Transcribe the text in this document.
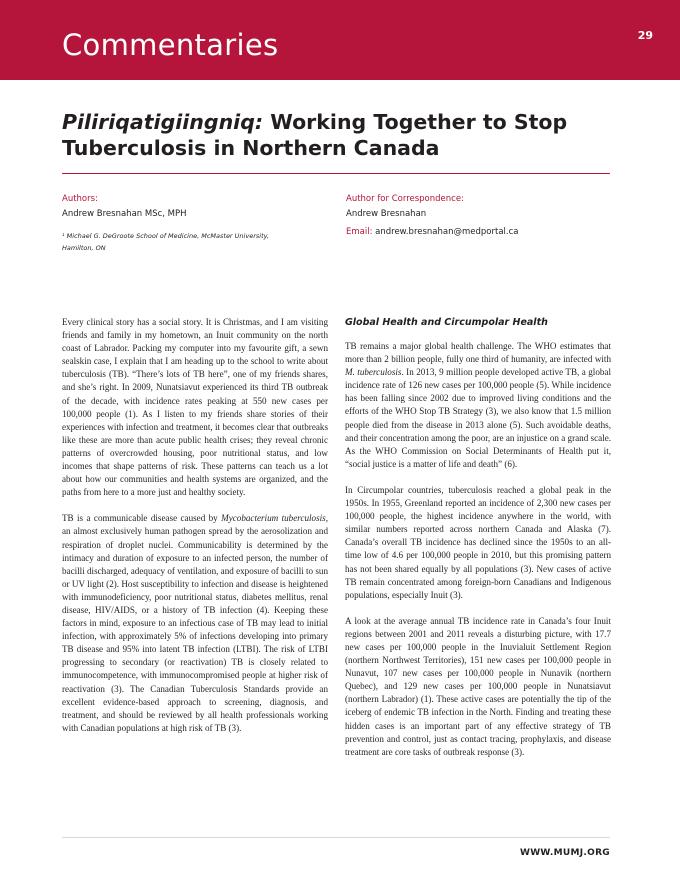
Commentaries	29
Piliriqatigiingniq: Working Together to Stop Tuberculosis in Northern Canada
Authors:
Andrew Bresnahan MSc, MPH
¹ Michael G. DeGroote School of Medicine, McMaster University,
Hamilton, ON
Author for Correspondence:
Andrew Bresnahan
Email: andrew.bresnahan@medportal.ca

Every clinical story has a social story. It is Christmas, and I am visiting friends and family in my hometown, an Inuit community on the north coast of Labrador. Packing my computer into my favourite gift, a sewn sealskin case, I explain that I am heading up to the school to write about tuberculosis (TB). “There’s lots of TB here”, one of my friends shares, and she’s right. In 2009, Nunatsiavut experienced its third TB outbreak of the decade, with incidence rates peaking at 550 new cases per 100,000 people (1). As I listen to my friends share stories of their experiences with infection and treatment, it becomes clear that outbreaks like these are more than acute public health crises; they reveal chronic patterns of overcrowded housing, poor nutritional status, and low incomes that shape patterns of risk. These patterns can teach us a lot about how our communities and health systems are organized, and the paths from here to a more just and healthy society.

TB is a communicable disease caused by Mycobacterium tuberculosis, an almost exclusively human pathogen spread by the aerosolization and respiration of droplet nuclei. Communicability is determined by the intimacy and duration of exposure to an infected person, the number of bacilli discharged, adequacy of ventilation, and exposure of bacilli to sun or UV light (2). Host susceptibility to infection and disease is heightened with immunodeficiency, poor nutritional status, diabetes mellitus, renal disease, HIV/AIDS, or a history of TB infection (4). Keeping these factors in mind, exposure to an infectious case of TB may lead to initial infection, with approximately 5% of infections developing into primary TB disease and 95% into latent TB infection (LTBI). The risk of LTBI progressing to secondary (or reactivation) TB is closely related to immunocompetence, with immunocompromised people at higher risk of reactivation (3). The Canadian Tuberculosis Standards provide an excellent evidence-based approach to screening, diagnosis, and treatment, and should be reviewed by all health professionals working with Canadian populations at high risk of TB (3).

Global Health and Circumpolar Health

TB remains a major global health challenge. The WHO estimates that more than 2 billion people, fully one third of humanity, are infected with M. tuberculosis. In 2013, 9 million people developed active TB, a global incidence rate of 126 new cases per 100,000 people (5). While incidence has been falling since 2002 due to improved living conditions and the efforts of the WHO Stop TB Strategy (3), we also know that 1.5 million people died from the disease in 2013 alone (5). Such avoidable deaths, and their concentration among the poor, are an injustice on a grand scale. As the WHO Commission on Social Determinants of Health put it, “social justice is a matter of life and death” (6).

In Circumpolar countries, tuberculosis reached a global peak in the 1950s. In 1955, Greenland reported an incidence of 2,300 new cases per 100,000 people, the highest incidence anywhere in the world, with similar numbers reported across northern Canada and Alaska (7). Canada’s overall TB incidence has declined since the 1950s to an all-time low of 4.6 per 100,000 people in 2010, but this promising pattern has not been shared equally by all populations (3). New cases of active TB remain concentrated among foreign-born Canadians and Indigenous populations, especially Inuit (3).

A look at the average annual TB incidence rate in Canada’s four Inuit regions between 2001 and 2011 reveals a disturbing picture, with 17.7 new cases per 100,000 people in the Inuvialuit Settlement Region (northern Northwest Territories), 151 new cases per 100,000 people in Nunavut, 107 new cases per 100,000 people in Nunavik (northern Quebec), and 129 new cases per 100,000 people in Nunatsiavut (northern Labrador) (1). These active cases are potentially the tip of the iceberg of endemic TB infection in the North. Finding and treating these hidden cases is an important part of any effective strategy of TB prevention and control, just as contact tracing, prophylaxis, and disease treatment are core tasks of outbreak response (3).

WWW.MUMJ.ORG
